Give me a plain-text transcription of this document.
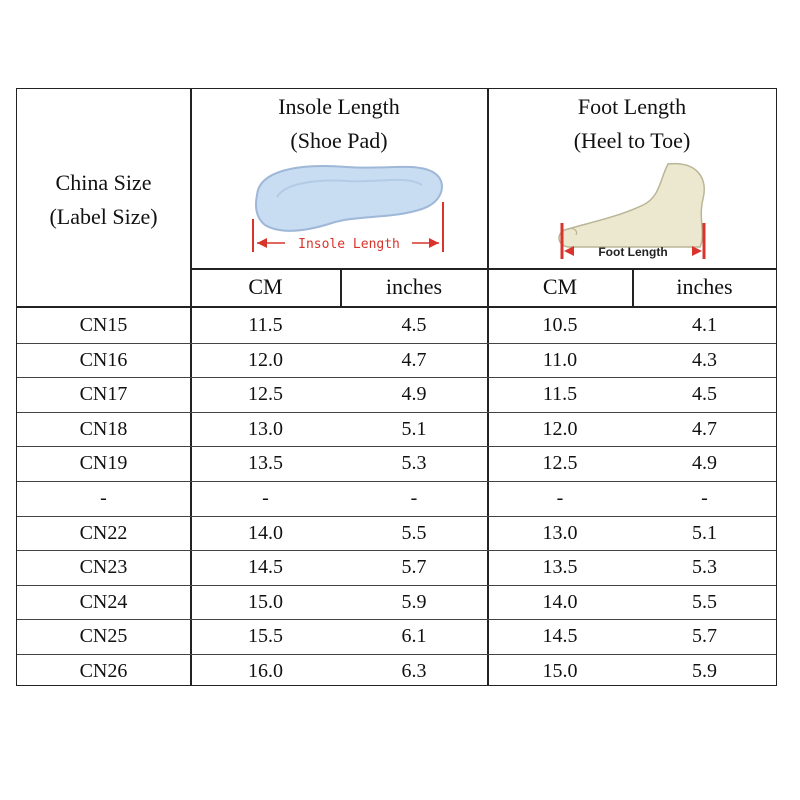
China Size
(Label Size)
Insole Length
(Shoe Pad)
Insole Length
Foot Length
(Heel to Toe)
Foot Length
CM	inches	CM	inches
CN15	11.5	4.5	10.5	4.1
CN16	12.0	4.7	11.0	4.3
CN17	12.5	4.9	11.5	4.5
CN18	13.0	5.1	12.0	4.7
CN19	13.5	5.3	12.5	4.9
-	-	-	-	-
CN22	14.0	5.5	13.0	5.1
CN23	14.5	5.7	13.5	5.3
CN24	15.0	5.9	14.0	5.5
CN25	15.5	6.1	14.5	5.7
CN26	16.0	6.3	15.0	5.9
